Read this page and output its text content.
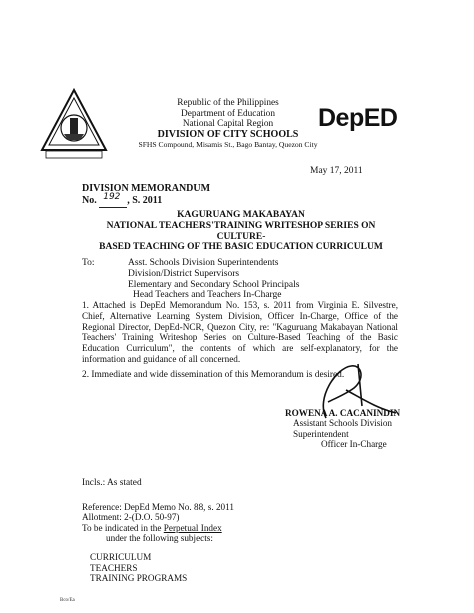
Republic of the Philippines
Department of Education
National Capital Region
DIVISION OF CITY SCHOOLS
SFHS Compound, Misamis St., Bago Bantay, Quezon City
DepED
May 17, 2011
DIVISION MEMORANDUM
No. 192 , S. 2011
KAGURUANG MAKABAYAN
NATIONAL TEACHERS'TRAINING WRITESHOP SERIES ON CULTURE-
BASED TEACHING OF THE BASIC EDUCATION CURRICULUM
To:	Asst. Schools Division Superintendents
Division/District Supervisors
Elementary and Secondary School Principals
Head Teachers and Teachers In-Charge
1. Attached is DepEd Memorandum No. 153, s. 2011 from Virginia E. Silvestre, Chief, Alternative Learning System Division, Officer In-Charge, Office of the Regional Director, DepEd-NCR, Quezon City, re: "Kaguruang Makabayan National Teachers' Training Writeshop Series on Culture-Based Teaching of the Basic Education Curriculum", the contents of which are self-explanatory, for the information and guidance of all concerned.
2. Immediate and wide dissemination of this Memorandum is desired.
ROWENA A. CACANINDIN
Assistant Schools Division Superintendent
Officer In-Charge
Incls.: As stated
Reference: DepEd Memo No. 88, s. 2011
Allotment: 2-(D.O. 50-97)
To be indicated in the Perpetual Index
under the following subjects:
CURRICULUM
TEACHERS
TRAINING PROGRAMS
Bco/Ea
